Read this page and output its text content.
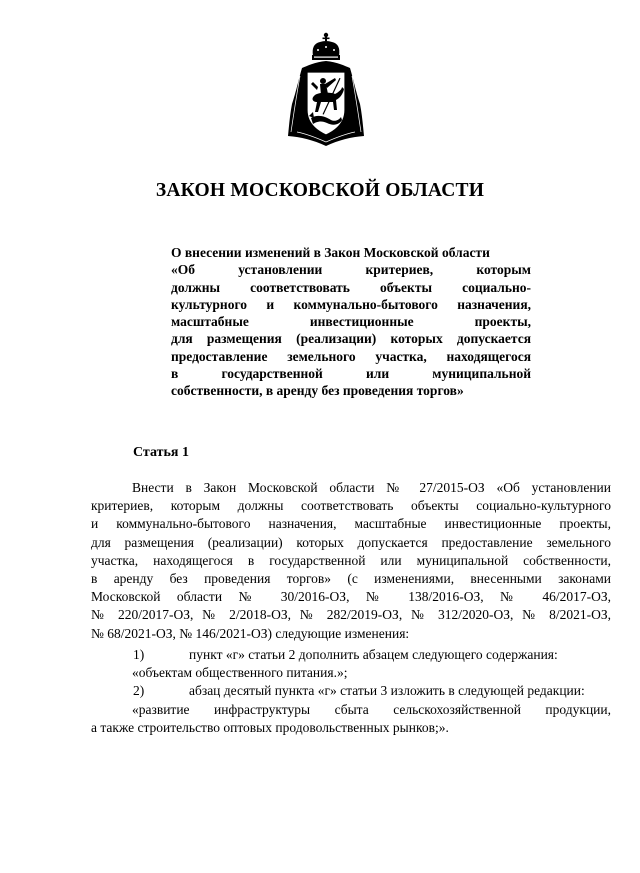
ЗАКОН МОСКОВСКОЙ ОБЛАСТИ
О внесении изменений в Закон Московской области
«Об установлении критериев, которым
должны соответствовать объекты социально-
культурного и коммунально-бытового назначения,
масштабные инвестиционные проекты,
для размещения (реализации) которых допускается
предоставление земельного участка, находящегося
в государственной или муниципальной
собственности, в аренду без проведения торгов»
Статья 1
Внести в Закон Московской области № 27/2015-ОЗ «Об установлении
критериев, которым должны соответствовать объекты социально-культурного
и коммунально-бытового назначения, масштабные инвестиционные проекты,
для размещения (реализации) которых допускается предоставление земельного
участка, находящегося в государственной или муниципальной собственности,
в аренду без проведения торгов» (с изменениями, внесенными законами
Московской области № 30/2016-ОЗ, № 138/2016-ОЗ, № 46/2017-ОЗ,
№ 220/2017-ОЗ, № 2/2018-ОЗ, № 282/2019-ОЗ, № 312/2020-ОЗ, № 8/2021-ОЗ,
№ 68/2021-ОЗ, № 146/2021-ОЗ) следующие изменения:
1)	пункт «г» статьи 2 дополнить абзацем следующего содержания:
«объектам общественного питания.»;
2)	абзац десятый пункта «г» статьи 3 изложить в следующей редакции:
«развитие инфраструктуры сбыта сельскохозяйственной продукции,
а также строительство оптовых продовольственных рынков;».
